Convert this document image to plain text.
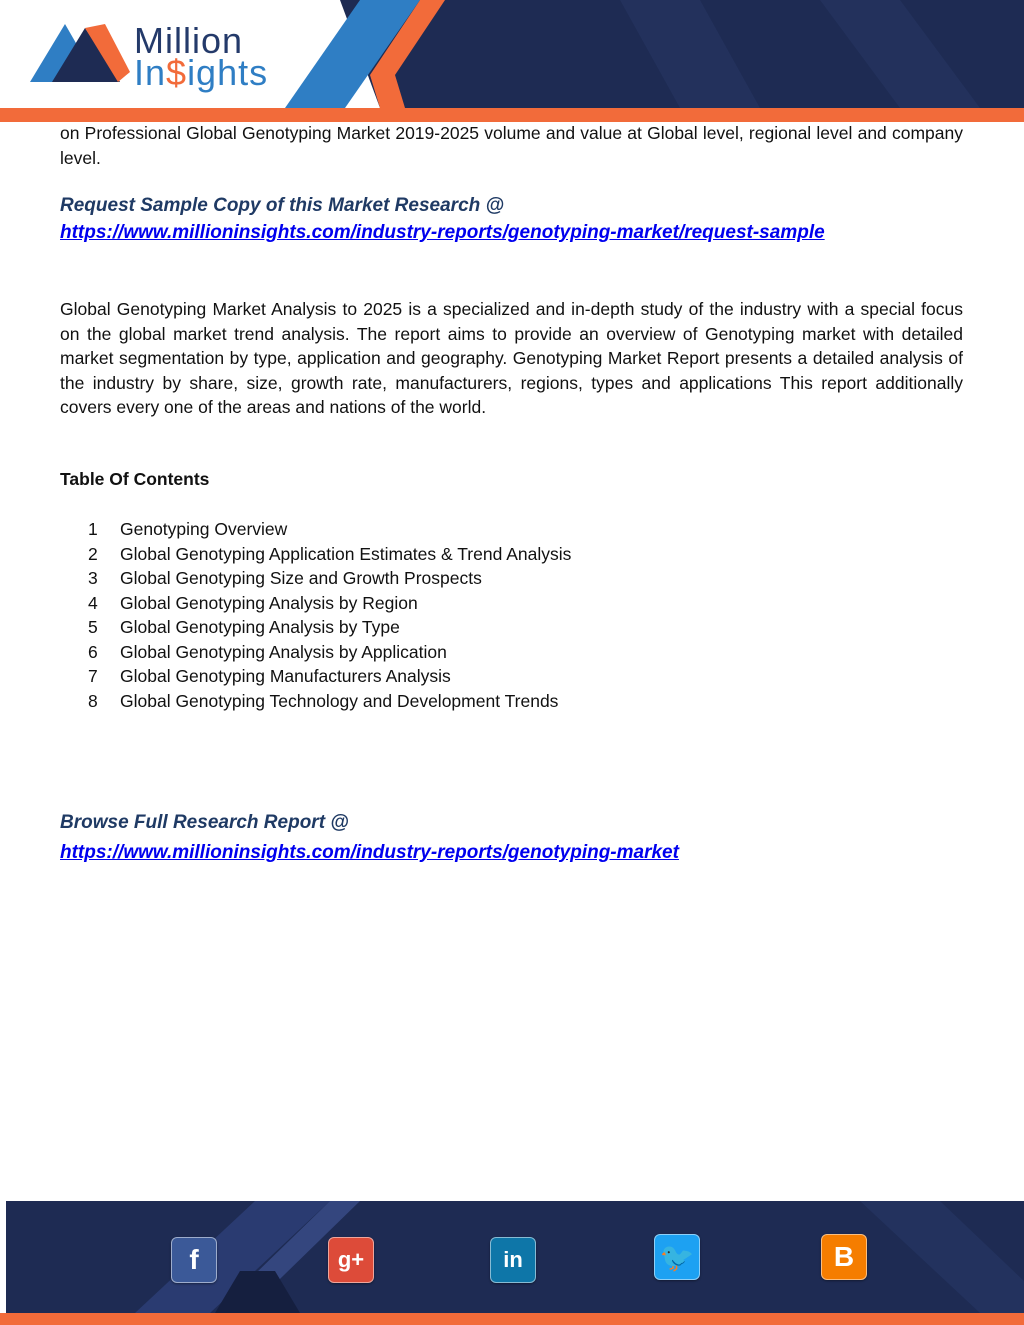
Million
In$ights
on Professional Global Genotyping Market 2019-2025 volume and value at Global level, regional level and company level.
Request Sample Copy of this Market Research @
https://www.millioninsights.com/industry-reports/genotyping-market/request-sample
Global Genotyping Market Analysis to 2025 is a specialized and in-depth study of the industry with a special focus on the global market trend analysis. The report aims to provide an overview of Genotyping market with detailed market segmentation by type, application and geography. Genotyping Market Report presents a detailed analysis of the industry by share, size, growth rate, manufacturers, regions, types and applications This report additionally covers every one of the areas and nations of the world.
Table Of Contents
1	Genotyping Overview
2	Global Genotyping Application Estimates & Trend Analysis
3	Global Genotyping Size and Growth Prospects
4	Global Genotyping Analysis by Region
5	Global Genotyping Analysis by Type
6	Global Genotyping Analysis by Application
7	Global Genotyping Manufacturers Analysis
8	Global Genotyping Technology and Development Trends
Browse Full Research Report @
https://www.millioninsights.com/industry-reports/genotyping-market
f	g+	in	🐦	B
